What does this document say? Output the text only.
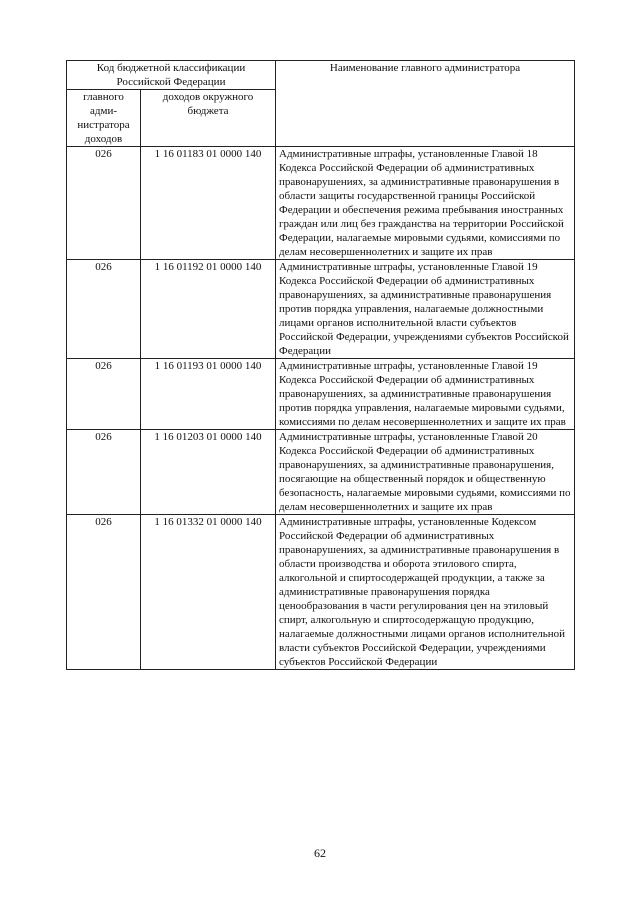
Код бюджетной классификации Российской Федерации		Наименование главного администратора
главного адми-нистратора доходов	доходов окружного бюджета	
026	1 16 01183 01 0000 140	Административные штрафы, установленные Главой 18 Кодекса Российской Федерации об административных правонарушениях, за административные правонарушения в области защиты государственной границы Российской Федерации и обеспечения режима пребывания иностранных граждан или лиц без гражданства на территории Российской Федерации, налагаемые мировыми судьями, комиссиями по делам несовершеннолетних и защите их прав
026	1 16 01192 01 0000 140	Административные штрафы, установленные Главой 19 Кодекса Российской Федерации об административных правонарушениях, за административные правонарушения против порядка управления, налагаемые должностными лицами органов исполнительной власти субъектов Российской Федерации, учреждениями субъектов Российской Федерации
026	1 16 01193 01 0000 140	Административные штрафы, установленные Главой 19 Кодекса Российской Федерации об административных правонарушениях, за административные правонарушения против порядка управления, налагаемые мировыми судьями, комиссиями по делам несовершеннолетних и защите их прав
026	1 16 01203 01 0000 140	Административные штрафы, установленные Главой 20 Кодекса Российской Федерации об административных правонарушениях, за административные правонарушения, посягающие на общественный порядок и общественную безопасность, налагаемые мировыми судьями, комиссиями по делам несовершеннолетних и защите их прав
026	1 16 01332 01 0000 140	Административные штрафы, установленные Кодексом Российской Федерации об административных правонарушениях, за административные правонарушения в области производства и оборота этилового спирта, алкогольной и спиртосодержащей продукции, а также за административные правонарушения порядка ценообразования в части регулирования цен на этиловый спирт, алкогольную и спиртосодержащую продукцию, налагаемые должностными лицами органов исполнительной власти субъектов Российской Федерации, учреждениями субъектов Российской Федерации
62
